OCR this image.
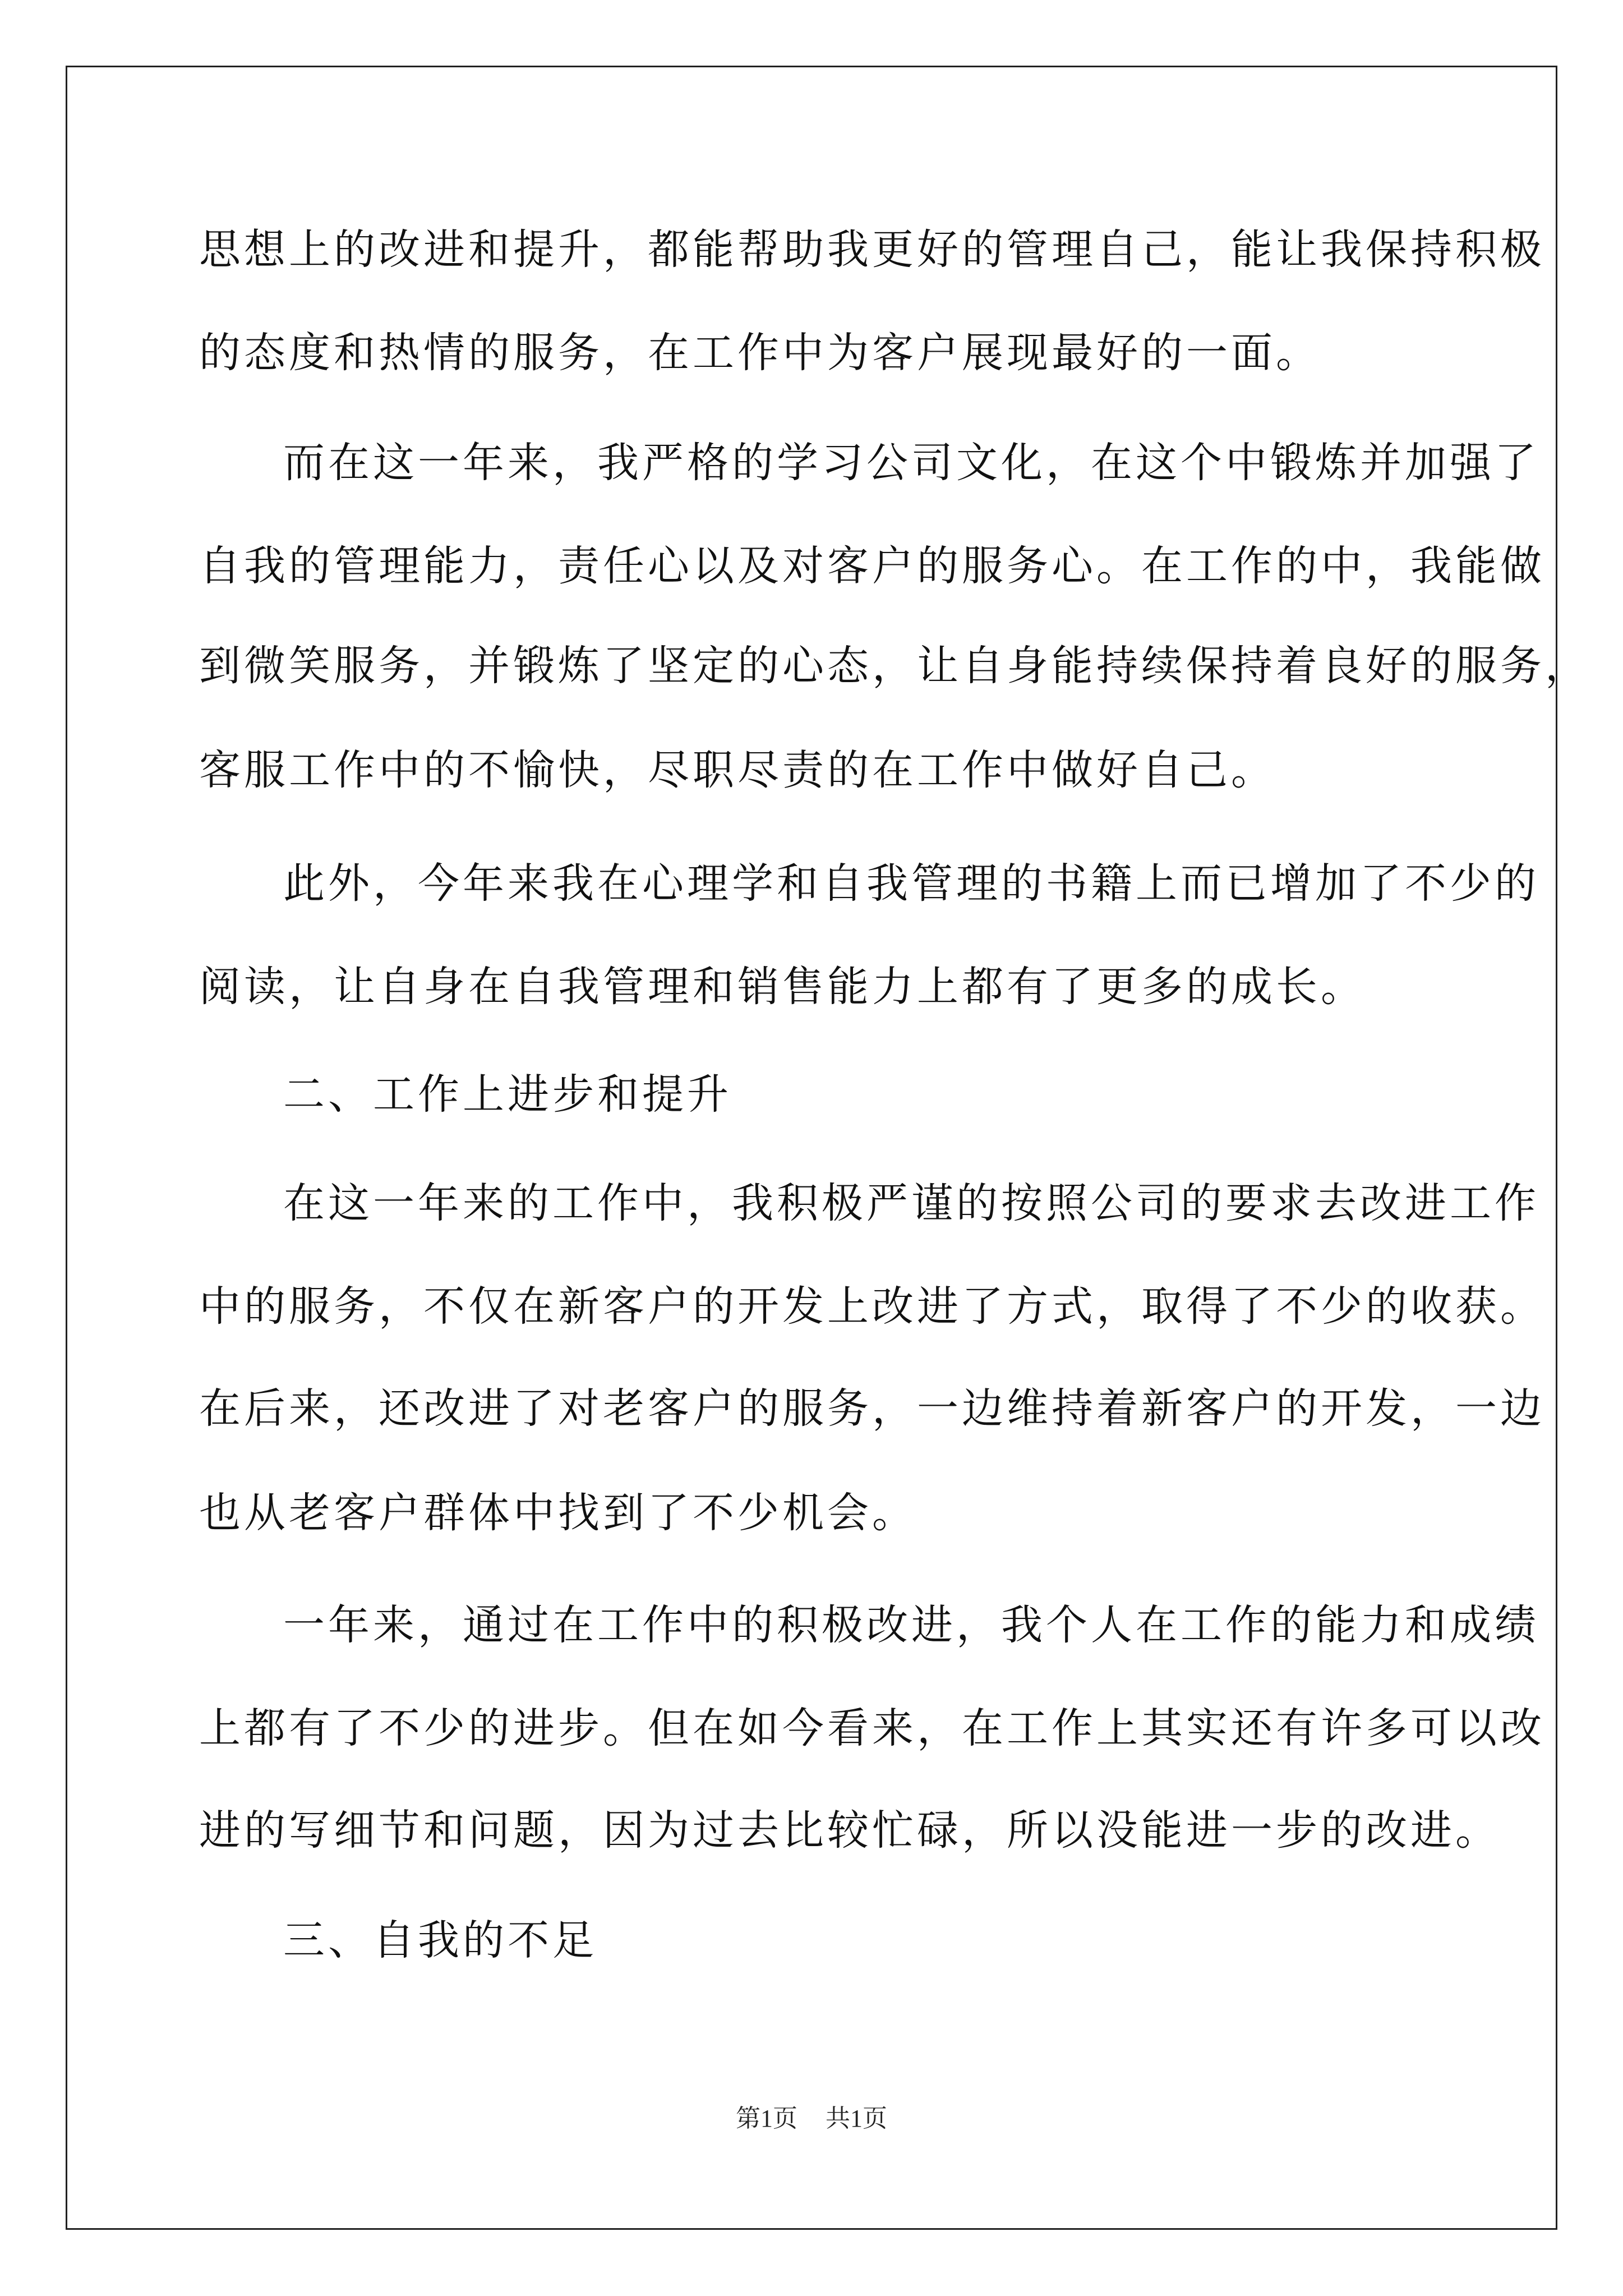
思想上的改进和提升，都能帮助我更好的管理自己，能让我保持积极
的态度和热情的服务，在工作中为客户展现最好的一面。
而在这一年来，我严格的学习公司文化，在这个中锻炼并加强了
自我的管理能力，责任心以及对客户的服务心。在工作的中，我能做
到微笑服务，并锻炼了坚定的心态，让自身能持续保持着良好的服务，
客服工作中的不愉快，尽职尽责的在工作中做好自己。
此外，今年来我在心理学和自我管理的书籍上而已增加了不少的
阅读，让自身在自我管理和销售能力上都有了更多的成长。
二、工作上进步和提升
在这一年来的工作中，我积极严谨的按照公司的要求去改进工作
中的服务，不仅在新客户的开发上改进了方式，取得了不少的收获。
在后来，还改进了对老客户的服务，一边维持着新客户的开发，一边
也从老客户群体中找到了不少机会。
一年来，通过在工作中的积极改进，我个人在工作的能力和成绩
上都有了不少的进步。但在如今看来，在工作上其实还有许多可以改
进的写细节和问题，因为过去比较忙碌，所以没能进一步的改进。
三、自我的不足
第1页 共1页
